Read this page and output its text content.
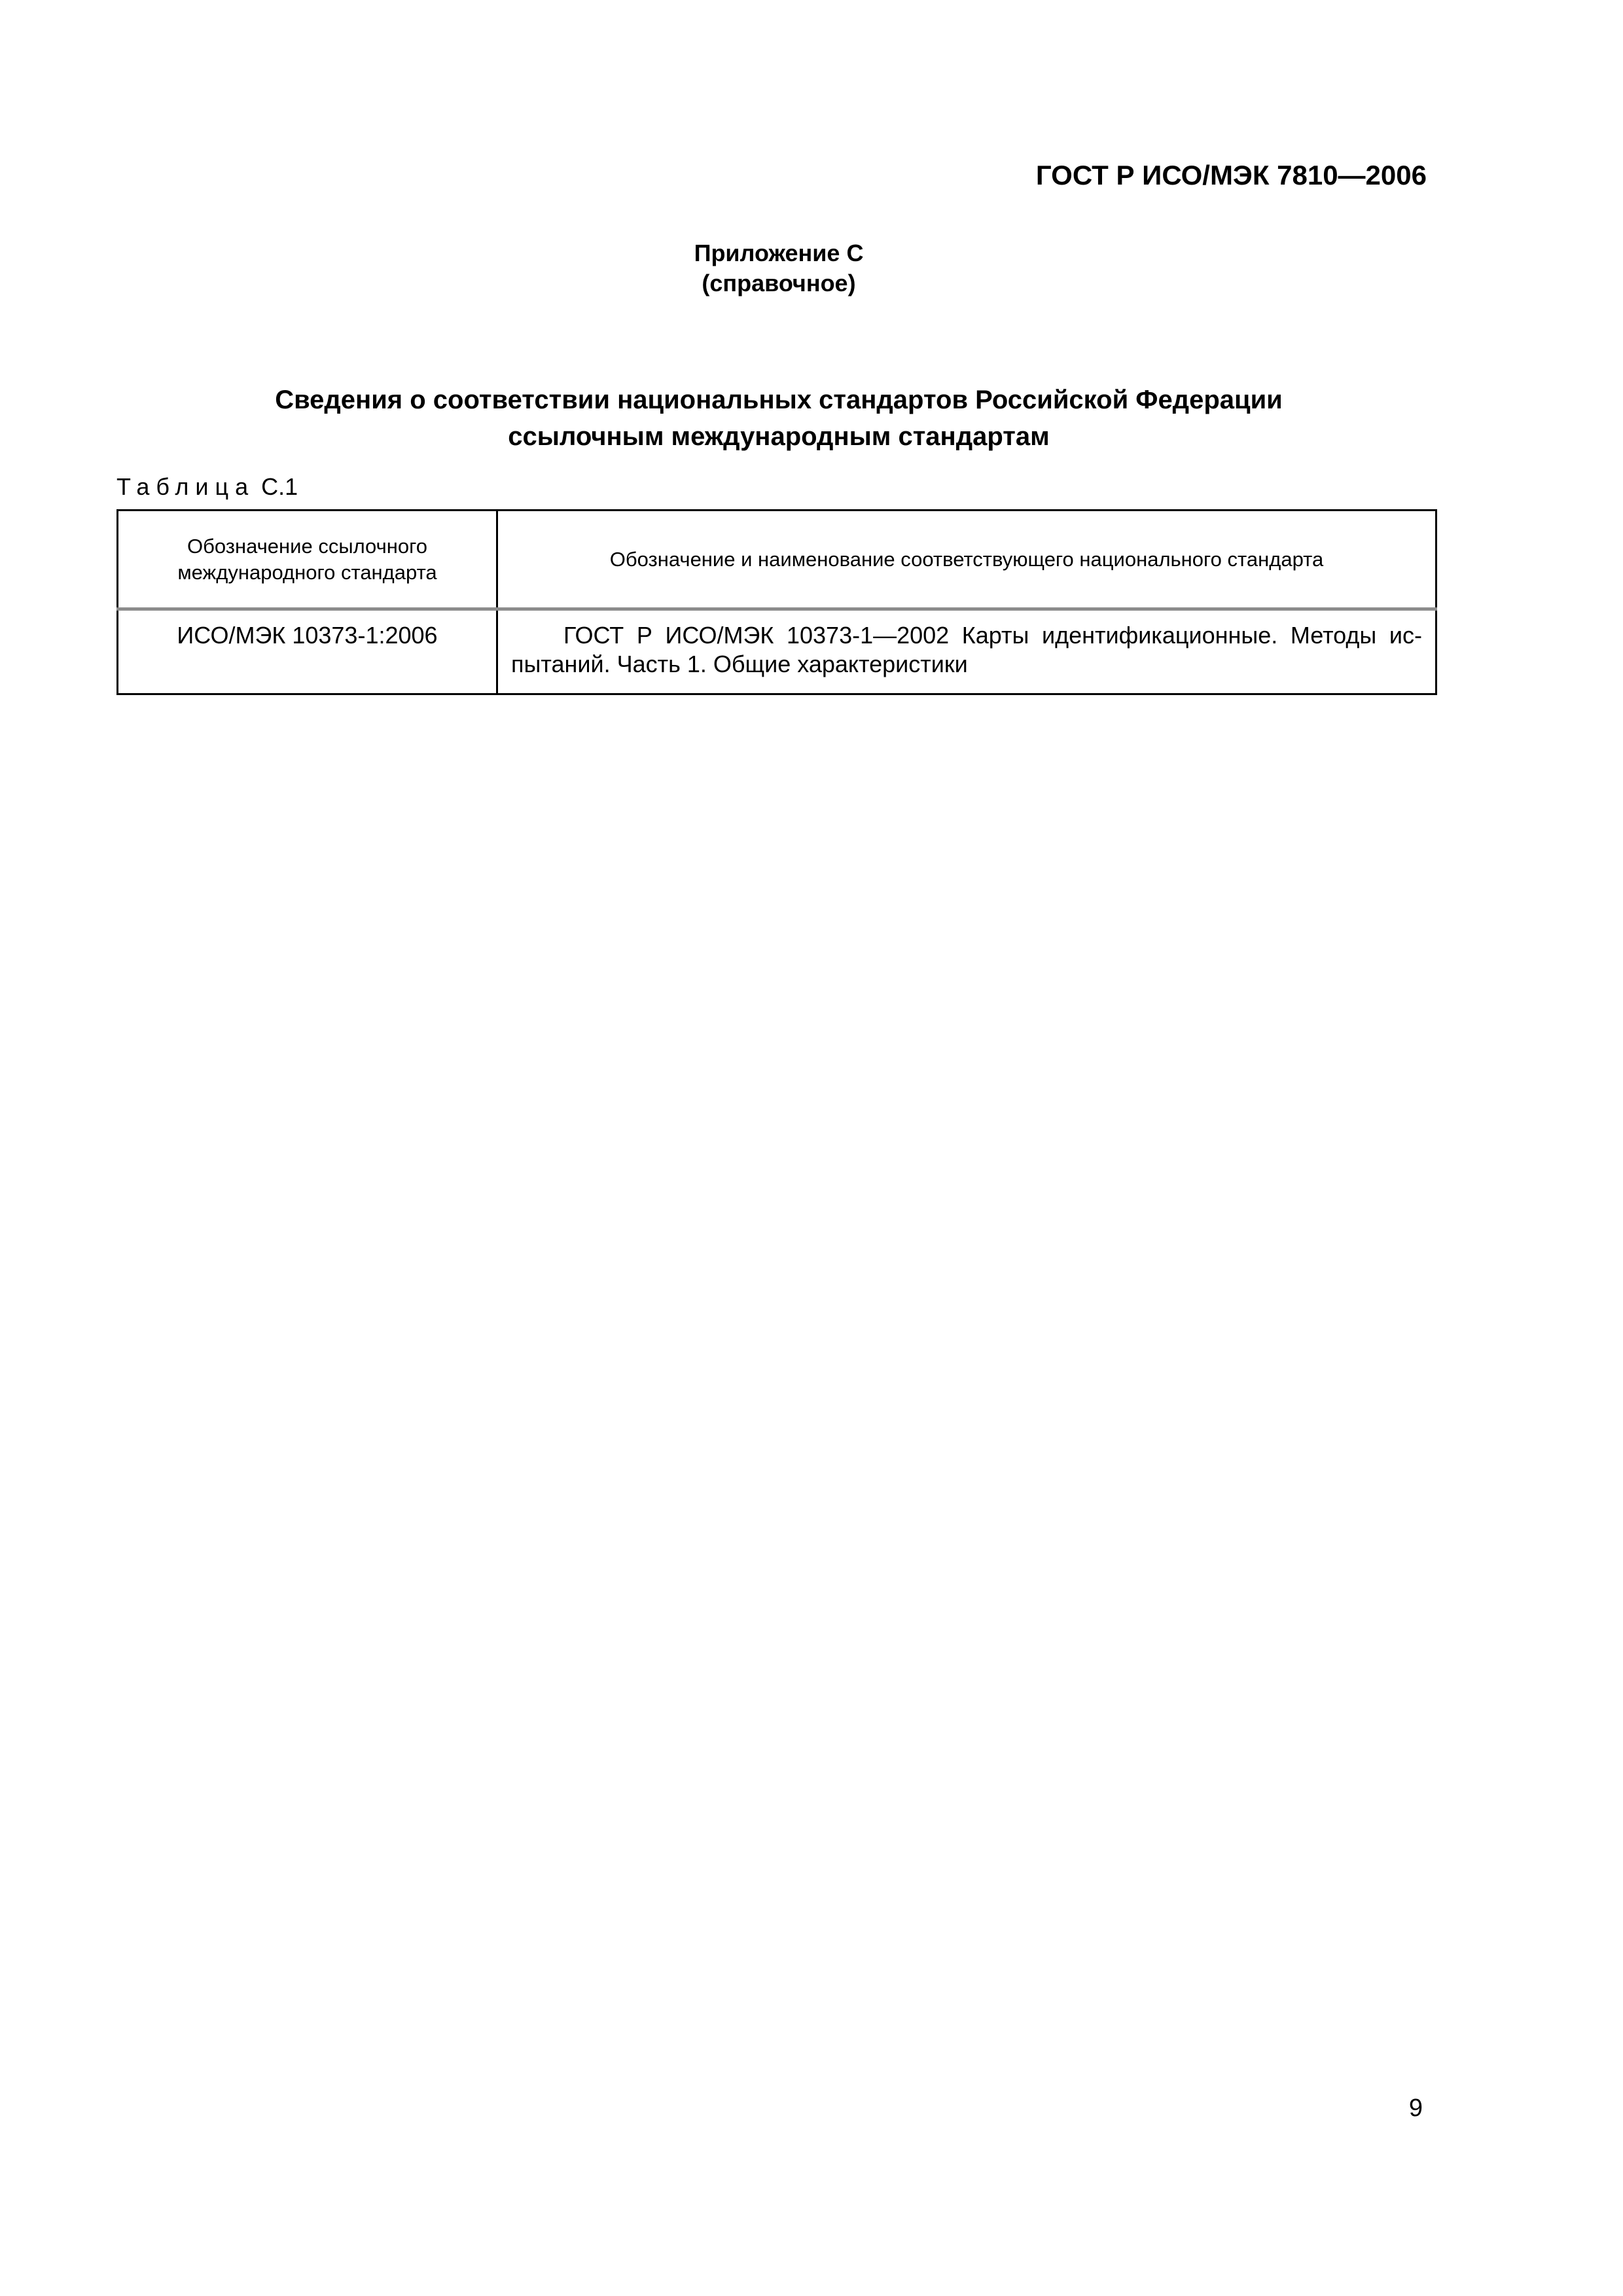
ГОСТ Р ИСО/МЭК 7810—2006
Приложение C
(справочное)
Сведения о соответствии национальных стандартов Российской Федерации
ссылочным международным стандартам
Таблица С.1
Обозначение ссылочного
международного стандарта	Обозначение и наименование соответствующего национального стандарта
ИСО/МЭК 10373-1:2006	ГОСТ Р ИСО/МЭК 10373-1—2002 Карты идентификационные. Методы испытаний. Часть 1. Общие характеристики
9
